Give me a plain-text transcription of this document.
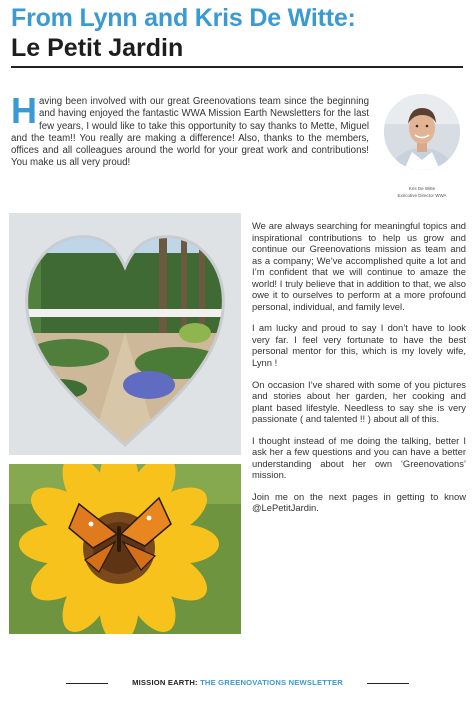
From Lynn and Kris De Witte:
Le Petit Jardin
H aving been involved with our great Greenovations team since the beginning and having enjoyed the fantastic WWA Mission Earth Newsletters for the last few years, I would like to take this opportunity to say thanks to Mette, Miguel and the team!! You really are making a difference! Also, thanks to the members, offices and all colleagues around the world for your great work and contributions! You make us all very proud!

Kris De Witte
Executive Director WWA

We are always searching for meaningful topics and inspirational contributions to help us grow and continue our Greenovations mission as team and as a company; We’ve accomplished quite a lot and I’m confident that we will continue to amaze the world! I truly believe that in addition to that, we also owe it to ourselves to perform at a more profound personal, individual, and family level.

I am lucky and proud to say I don’t have to look very far. I feel very fortunate to have the best personal mentor for this, which is my lovely wife, Lynn !

On occasion I’ve shared with some of you pictures and stories about her garden, her cooking and plant based lifestyle. Needless to say she is very passionate ( and talented !! ) about all of this.

I thought instead of me doing the talking, better I ask her a few questions and you can have a better understanding about her own ‘Greenovations’ mission.

Join me on the next pages in getting to know @LePetitJardin.

MISSION EARTH: THE GREENOVATIONS NEWSLETTER
